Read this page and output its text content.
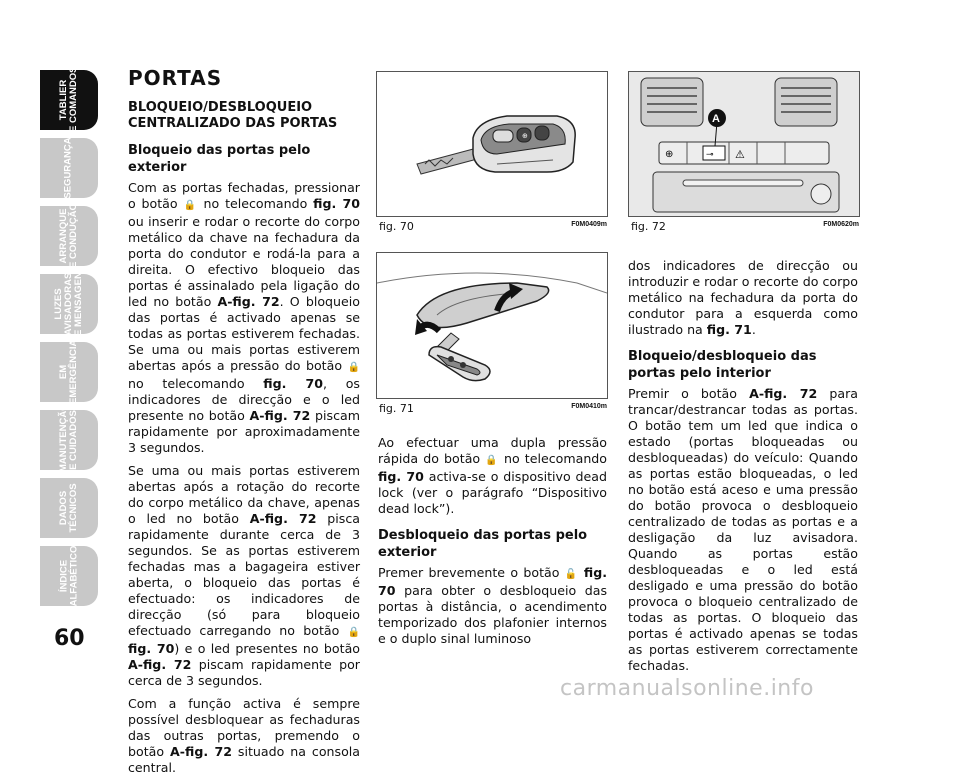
TABLIER
E COMANDOS
SEGURANÇA
ARRANQUE
E CONDUÇÃO
LUZES
AVISADORAS
E MENSAGENS
EM
EMERGÊNCIA
MANUTENÇÃO
E CUIDADOS
DADOS
TÉCNICOS
ÍNDICE
ALFABÉTICO
60
PORTAS
BLOQUEIO/DESBLOQUEIO CENTRALIZADO DAS PORTAS
Bloqueio das portas pelo exterior

Com as portas fechadas, pressionar o botão 🔒 no telecomando fig. 70 ou inserir e rodar o recorte do corpo metálico da chave na fechadura da porta do condutor e rodá-la para a direita. O efectivo bloqueio das portas é assinalado pela ligação do led no botão A-fig. 72. O bloqueio das portas é activado apenas se todas as portas estiverem fechadas. Se uma ou mais portas estiverem abertas após a pressão do botão 🔒 no telecomando fig. 70, os indicadores de direcção e o led presente no botão A-fig. 72 piscam rapidamente por aproximadamente 3 segundos.

Se uma ou mais portas estiverem abertas após a rotação do recorte do corpo metálico da chave, apenas o led no botão A-fig. 72 pisca rapidamente durante cerca de 3 segundos. Se as portas estiverem fechadas mas a bagageira estiver aberta, o bloqueio das portas é efectuado: os indicadores de direcção (só para bloqueio efectuado carregando no botão 🔒 fig. 70) e o led presentes no botão A-fig. 72 piscam rapidamente por cerca de 3 segundos.

Com a função activa é sempre possível desbloquear as fechaduras das outras portas, premendo o botão A-fig. 72 situado na consola central.

⊕
fig. 70	F0M0409m
fig. 71	F0M0410m
⊕	⚠
⊸
A
fig. 72	F0M0620m

Ao efectuar uma dupla pressão rápida do botão 🔒 no telecomando fig. 70 activa-se o dispositivo dead lock (ver o parágrafo “Dispositivo dead lock”).

Desbloqueio das portas pelo exterior

Premer brevemente o botão 🔓 fig. 70 para obter o desbloqueio das portas à distância, o acendimento temporizado dos plafonier internos e o duplo sinal luminoso

dos indicadores de direcção ou introduzir e rodar o recorte do corpo metálico na fechadura da porta do condutor para a esquerda como ilustrado na fig. 71.

Bloqueio/desbloqueio das portas pelo interior

Premir o botão A-fig. 72 para trancar/destrancar todas as portas. O botão tem um led que indica o estado (portas bloqueadas ou desbloqueadas) do veículo: Quando as portas estão bloqueadas, o led no botão está aceso e uma pressão do botão provoca o desbloqueio centralizado de todas as portas e a desligação da luz avisadora. Quando as portas estão desbloqueadas e o led está desligado e uma pressão do botão provoca o bloqueio centralizado de todas as portas. O bloqueio das portas é activado apenas se todas as portas estiverem correctamente fechadas.

carmanualsonline.info
